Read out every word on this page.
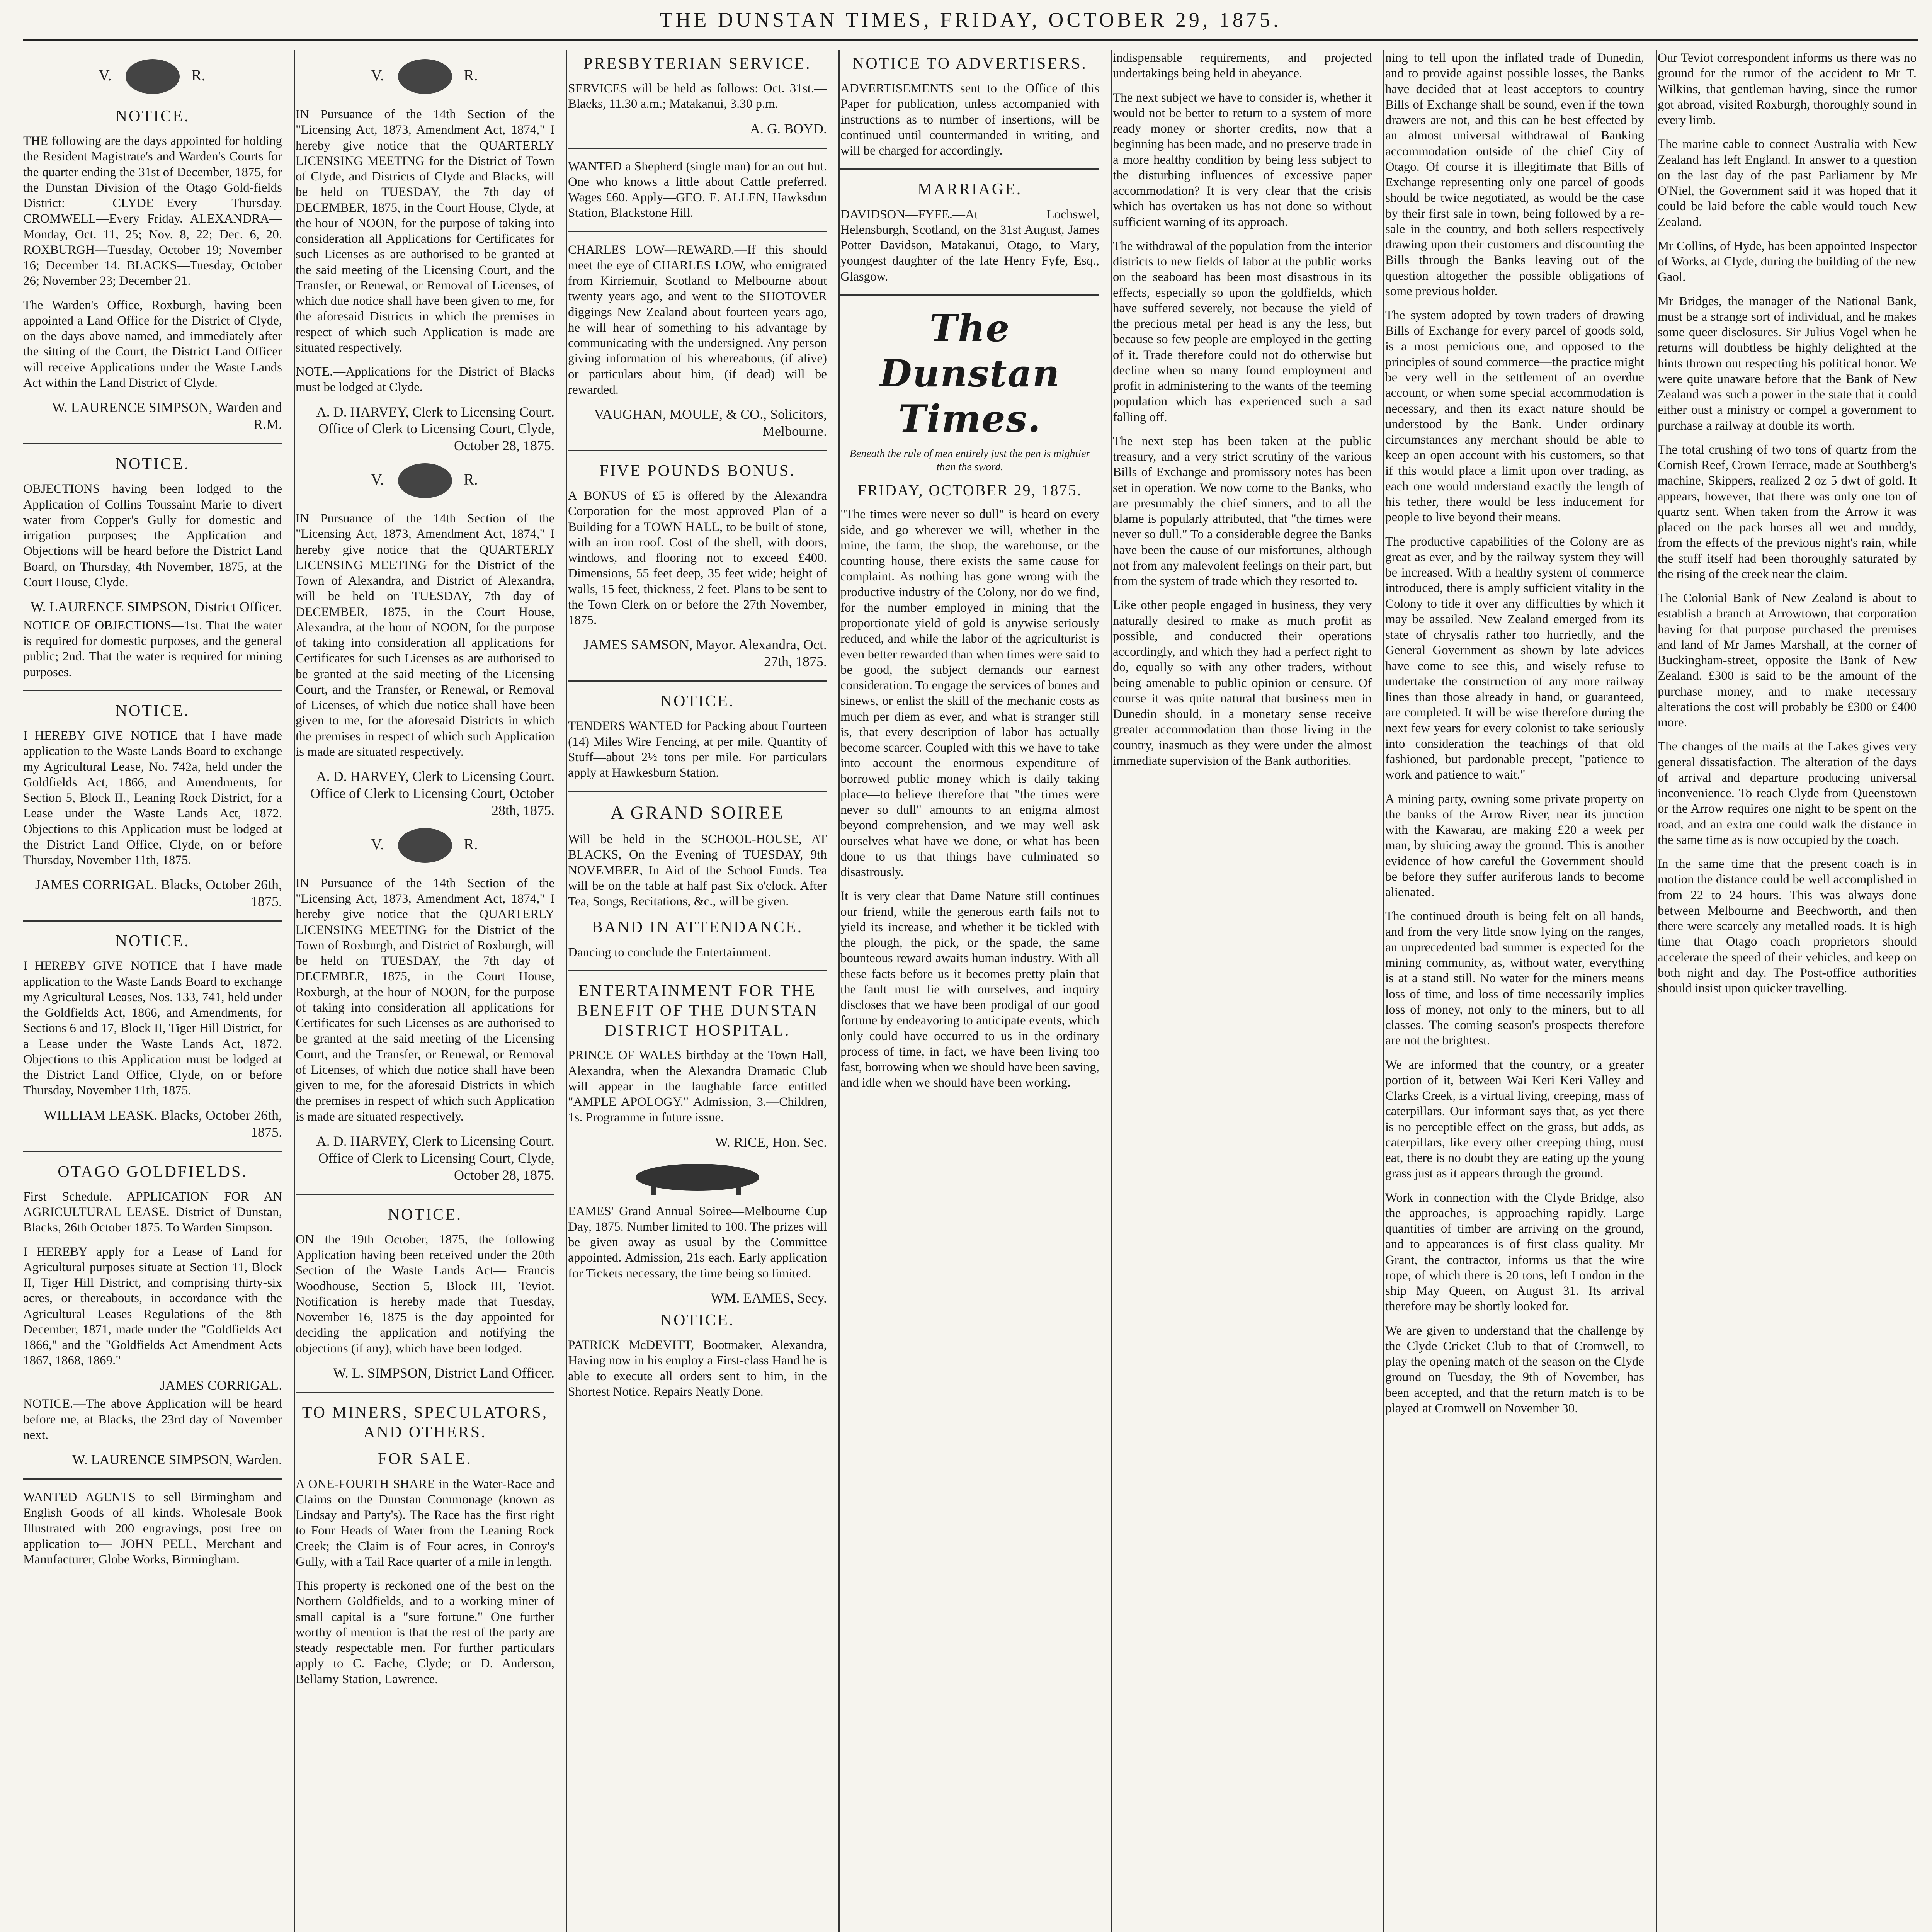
THE DUNSTAN TIMES, FRIDAY, OCTOBER 29, 1875.
V.	R.
NOTICE.

THE following are the days appointed for holding the Resident Magistrate's and Warden's Courts for the quarter ending the 31st of December, 1875, for the Dunstan Division of the Otago Gold-fields District:— CLYDE—Every Thursday. CROMWELL—Every Friday. ALEXANDRA—Monday, Oct. 11, 25; Nov. 8, 22; Dec. 6, 20. ROXBURGH—Tuesday, October 19; November 16; December 14. BLACKS—Tuesday, October 26; November 23; December 21.

The Warden's Office, Roxburgh, having been appointed a Land Office for the District of Clyde, on the days above named, and immediately after the sitting of the Court, the District Land Officer will receive Applications under the Waste Lands Act within the Land District of Clyde.

W. LAURENCE SIMPSON, Warden and R.M.
NOTICE.

OBJECTIONS having been lodged to the Application of Collins Toussaint Marie to divert water from Copper's Gully for domestic and irrigation purposes; the Application and Objections will be heard before the District Land Board, on Thursday, 4th November, 1875, at the Court House, Clyde.

W. LAURENCE SIMPSON, District Officer.

NOTICE OF OBJECTIONS—1st. That the water is required for domestic purposes, and the general public; 2nd. That the water is required for mining purposes.

NOTICE.

I HEREBY GIVE NOTICE that I have made application to the Waste Lands Board to exchange my Agricultural Lease, No. 742a, held under the Goldfields Act, 1866, and Amendments, for Section 5, Block II., Leaning Rock District, for a Lease under the Waste Lands Act, 1872. Objections to this Application must be lodged at the District Land Office, Clyde, on or before Thursday, November 11th, 1875.

JAMES CORRIGAL. Blacks, October 26th, 1875.
NOTICE.

I HEREBY GIVE NOTICE that I have made application to the Waste Lands Board to exchange my Agricultural Leases, Nos. 133, 741, held under the Goldfields Act, 1866, and Amendments, for Sections 6 and 17, Block II, Tiger Hill District, for a Lease under the Waste Lands Act, 1872. Objections to this Application must be lodged at the District Land Office, Clyde, on or before Thursday, November 11th, 1875.

WILLIAM LEASK. Blacks, October 26th, 1875.
OTAGO GOLDFIELDS.

First Schedule. APPLICATION FOR AN AGRICULTURAL LEASE. District of Dunstan, Blacks, 26th October 1875. To Warden Simpson.

I HEREBY apply for a Lease of Land for Agricultural purposes situate at Section 11, Block II, Tiger Hill District, and comprising thirty-six acres, or thereabouts, in accordance with the Agricultural Leases Regulations of the 8th December, 1871, made under the "Goldfields Act 1866," and the "Goldfields Act Amendment Acts 1867, 1868, 1869."

JAMES CORRIGAL.

NOTICE.—The above Application will be heard before me, at Blacks, the 23rd day of November next.

W. LAURENCE SIMPSON, Warden.

WANTED AGENTS to sell Birmingham and English Goods of all kinds. Wholesale Book Illustrated with 200 engravings, post free on application to— JOHN PELL, Merchant and Manufacturer, Globe Works, Birmingham.

V.	R.

IN Pursuance of the 14th Section of the "Licensing Act, 1873, Amendment Act, 1874," I hereby give notice that the QUARTERLY LICENSING MEETING for the District of Town of Clyde, and Districts of Clyde and Blacks, will be held on TUESDAY, the 7th day of DECEMBER, 1875, in the Court House, Clyde, at the hour of NOON, for the purpose of taking into consideration all Applications for Certificates for such Licenses as are authorised to be granted at the said meeting of the Licensing Court, and the Transfer, or Renewal, or Removal of Licenses, of which due notice shall have been given to me, for the aforesaid Districts in which the premises in respect of which such Application is made are situated respectively.

NOTE.—Applications for the District of Blacks must be lodged at Clyde.

A. D. HARVEY, Clerk to Licensing Court. Office of Clerk to Licensing Court, Clyde, October 28, 1875.
V.	R.

IN Pursuance of the 14th Section of the "Licensing Act, 1873, Amendment Act, 1874," I hereby give notice that the QUARTERLY LICENSING MEETING for the District of the Town of Alexandra, and District of Alexandra, will be held on TUESDAY, 7th day of DECEMBER, 1875, in the Court House, Alexandra, at the hour of NOON, for the purpose of taking into consideration all applications for Certificates for such Licenses as are authorised to be granted at the said meeting of the Licensing Court, and the Transfer, or Renewal, or Removal of Licenses, of which due notice shall have been given to me, for the aforesaid Districts in which the premises in respect of which such Application is made are situated respectively.

A. D. HARVEY, Clerk to Licensing Court. Office of Clerk to Licensing Court, October 28th, 1875.
V.	R.

IN Pursuance of the 14th Section of the "Licensing Act, 1873, Amendment Act, 1874," I hereby give notice that the QUARTERLY LICENSING MEETING for the District of the Town of Roxburgh, and District of Roxburgh, will be held on TUESDAY, the 7th day of DECEMBER, 1875, in the Court House, Roxburgh, at the hour of NOON, for the purpose of taking into consideration all applications for Certificates for such Licenses as are authorised to be granted at the said meeting of the Licensing Court, and the Transfer, or Renewal, or Removal of Licenses, of which due notice shall have been given to me, for the aforesaid Districts in which the premises in respect of which such Application is made are situated respectively.

A. D. HARVEY, Clerk to Licensing Court. Office of Clerk to Licensing Court, Clyde, October 28, 1875.
NOTICE.

ON the 19th October, 1875, the following Application having been received under the 20th Section of the Waste Lands Act— Francis Woodhouse, Section 5, Block III, Teviot. Notification is hereby made that Tuesday, November 16, 1875 is the day appointed for deciding the application and notifying the objections (if any), which have been lodged.

W. L. SIMPSON, District Land Officer.
TO MINERS, SPECULATORS, AND OTHERS.
FOR SALE.

A ONE-FOURTH SHARE in the Water-Race and Claims on the Dunstan Commonage (known as Lindsay and Party's). The Race has the first right to Four Heads of Water from the Leaning Rock Creek; the Claim is of Four acres, in Conroy's Gully, with a Tail Race quarter of a mile in length.

This property is reckoned one of the best on the Northern Goldfields, and to a working miner of small capital is a "sure fortune." One further worthy of mention is that the rest of the party are steady respectable men. For further particulars apply to C. Fache, Clyde; or D. Anderson, Bellamy Station, Lawrence.

PRESBYTERIAN SERVICE.

SERVICES will be held as follows: Oct. 31st.—Blacks, 11.30 a.m.; Matakanui, 3.30 p.m.

A. G. BOYD.

WANTED a Shepherd (single man) for an out hut. One who knows a little about Cattle preferred. Wages £60. Apply—GEO. E. ALLEN, Hawksdun Station, Blackstone Hill.

CHARLES LOW—REWARD.—If this should meet the eye of CHARLES LOW, who emigrated from Kirriemuir, Scotland to Melbourne about twenty years ago, and went to the SHOTOVER diggings New Zealand about fourteen years ago, he will hear of something to his advantage by communicating with the undersigned. Any person giving information of his whereabouts, (if alive) or particulars about him, (if dead) will be rewarded.

VAUGHAN, MOULE, & CO., Solicitors, Melbourne.
FIVE POUNDS BONUS.

A BONUS of £5 is offered by the Alexandra Corporation for the most approved Plan of a Building for a TOWN HALL, to be built of stone, with an iron roof. Cost of the shell, with doors, windows, and flooring not to exceed £400. Dimensions, 55 feet deep, 35 feet wide; height of walls, 15 feet, thickness, 2 feet. Plans to be sent to the Town Clerk on or before the 27th November, 1875.

JAMES SAMSON, Mayor. Alexandra, Oct. 27th, 1875.
NOTICE.

TENDERS WANTED for Packing about Fourteen (14) Miles Wire Fencing, at per mile. Quantity of Stuff—about 2½ tons per mile. For particulars apply at Hawkesburn Station.

A GRAND SOIREE

Will be held in the SCHOOL-HOUSE, AT BLACKS, On the Evening of TUESDAY, 9th NOVEMBER, In Aid of the School Funds. Tea will be on the table at half past Six o'clock. After Tea, Songs, Recitations, &c., will be given.

BAND IN ATTENDANCE.

Dancing to conclude the Entertainment.

ENTERTAINMENT FOR THE BENEFIT OF THE DUNSTAN DISTRICT HOSPITAL.

PRINCE OF WALES birthday at the Town Hall, Alexandra, when the Alexandra Dramatic Club will appear in the laughable farce entitled "AMPLE APOLOGY." Admission, 3.—Children, 1s. Programme in future issue.

W. RICE, Hon. Sec.

EAMES' Grand Annual Soiree—Melbourne Cup Day, 1875. Number limited to 100. The prizes will be given away as usual by the Committee appointed. Admission, 21s each. Early application for Tickets necessary, the time being so limited.

WM. EAMES, Secy.
NOTICE.

PATRICK McDEVITT, Bootmaker, Alexandra, Having now in his employ a First-class Hand he is able to execute all orders sent to him, in the Shortest Notice. Repairs Neatly Done.

NOTICE TO ADVERTISERS.

ADVERTISEMENTS sent to the Office of this Paper for publication, unless accompanied with instructions as to number of insertions, will be continued until countermanded in writing, and will be charged for accordingly.

MARRIAGE.

DAVIDSON—FYFE.—At Lochswel, Helensburgh, Scotland, on the 31st August, James Potter Davidson, Matakanui, Otago, to Mary, youngest daughter of the late Henry Fyfe, Esq., Glasgow.

The Dunstan Times.
Beneath the rule of men entirely just the pen is mightier than the sword.
FRIDAY, OCTOBER 29, 1875.

"The times were never so dull" is heard on every side, and go wherever we will, whether in the mine, the farm, the shop, the warehouse, or the counting house, there exists the same cause for complaint. As nothing has gone wrong with the productive industry of the Colony, nor do we find, for the number employed in mining that the proportionate yield of gold is anywise seriously reduced, and while the labor of the agriculturist is even better rewarded than when times were said to be good, the subject demands our earnest consideration. To engage the services of bones and sinews, or enlist the skill of the mechanic costs as much per diem as ever, and what is stranger still is, that every description of labor has actually become scarcer. Coupled with this we have to take into account the enormous expenditure of borrowed public money which is daily taking place—to believe therefore that "the times were never so dull" amounts to an enigma almost beyond comprehension, and we may well ask ourselves what have we done, or what has been done to us that things have culminated so disastrously.

It is very clear that Dame Nature still continues our friend, while the generous earth fails not to yield its increase, and whether it be tickled with the plough, the pick, or the spade, the same bounteous reward awaits human industry. With all these facts before us it becomes pretty plain that the fault must lie with ourselves, and inquiry discloses that we have been prodigal of our good fortune by endeavoring to anticipate events, which only could have occurred to us in the ordinary process of time, in fact, we have been living too fast, borrowing when we should have been saving, and idle when we should have been working.

indispensable requirements, and projected undertakings being held in abeyance.

The next subject we have to consider is, whether it would not be better to return to a system of more ready money or shorter credits, now that a beginning has been made, and no preserve trade in a more healthy condition by being less subject to the disturbing influences of excessive paper accommodation? It is very clear that the crisis which has overtaken us has not done so without sufficient warning of its approach.

The withdrawal of the population from the interior districts to new fields of labor at the public works on the seaboard has been most disastrous in its effects, especially so upon the goldfields, which have suffered severely, not because the yield of the precious metal per head is any the less, but because so few people are employed in the getting of it. Trade therefore could not do otherwise but decline when so many found employment and profit in administering to the wants of the teeming population which has experienced such a sad falling off.

The next step has been taken at the public treasury, and a very strict scrutiny of the various Bills of Exchange and promissory notes has been set in operation. We now come to the Banks, who are presumably the chief sinners, and to all the blame is popularly attributed, that "the times were never so dull." To a considerable degree the Banks have been the cause of our misfortunes, although not from any malevolent feelings on their part, but from the system of trade which they resorted to.

Like other people engaged in business, they very naturally desired to make as much profit as possible, and conducted their operations accordingly, and which they had a perfect right to do, equally so with any other traders, without being amenable to public opinion or censure. Of course it was quite natural that business men in Dunedin should, in a monetary sense receive greater accommodation than those living in the country, inasmuch as they were under the almost immediate supervision of the Bank authorities.

ning to tell upon the inflated trade of Dunedin, and to provide against possible losses, the Banks have decided that at least acceptors to country Bills of Exchange shall be sound, even if the town drawers are not, and this can be best effected by an almost universal withdrawal of Banking accommodation outside of the chief City of Otago. Of course it is illegitimate that Bills of Exchange representing only one parcel of goods should be twice negotiated, as would be the case by their first sale in town, being followed by a re-sale in the country, and both sellers respectively drawing upon their customers and discounting the Bills through the Banks leaving out of the question altogether the possible obligations of some previous holder.

The system adopted by town traders of drawing Bills of Exchange for every parcel of goods sold, is a most pernicious one, and opposed to the principles of sound commerce—the practice might be very well in the settlement of an overdue account, or when some special accommodation is necessary, and then its exact nature should be understood by the Bank. Under ordinary circumstances any merchant should be able to keep an open account with his customers, so that if this would place a limit upon over trading, as each one would understand exactly the length of his tether, there would be less inducement for people to live beyond their means.

The productive capabilities of the Colony are as great as ever, and by the railway system they will be increased. With a healthy system of commerce introduced, there is amply sufficient vitality in the Colony to tide it over any difficulties by which it may be assailed. New Zealand emerged from its state of chrysalis rather too hurriedly, and the General Government as shown by late advices have come to see this, and wisely refuse to undertake the construction of any more railway lines than those already in hand, or guaranteed, are completed. It will be wise therefore during the next few years for every colonist to take seriously into consideration the teachings of that old fashioned, but pardonable precept, "patience to work and patience to wait."

A mining party, owning some private property on the banks of the Arrow River, near its junction with the Kawarau, are making £20 a week per man, by sluicing away the ground. This is another evidence of how careful the Government should be before they suffer auriferous lands to become alienated.

The continued drouth is being felt on all hands, and from the very little snow lying on the ranges, an unprecedented bad summer is expected for the mining community, as, without water, everything is at a stand still. No water for the miners means loss of time, and loss of time necessarily implies loss of money, not only to the miners, but to all classes. The coming season's prospects therefore are not the brightest.

We are informed that the country, or a greater portion of it, between Wai Keri Keri Valley and Clarks Creek, is a virtual living, creeping, mass of caterpillars. Our informant says that, as yet there is no perceptible effect on the grass, but adds, as caterpillars, like every other creeping thing, must eat, there is no doubt they are eating up the young grass just as it appears through the ground.

Work in connection with the Clyde Bridge, also the approaches, is approaching rapidly. Large quantities of timber are arriving on the ground, and to appearances is of first class quality. Mr Grant, the contractor, informs us that the wire rope, of which there is 20 tons, left London in the ship May Queen, on August 31. Its arrival therefore may be shortly looked for.

We are given to understand that the challenge by the Clyde Cricket Club to that of Cromwell, to play the opening match of the season on the Clyde ground on Tuesday, the 9th of November, has been accepted, and that the return match is to be played at Cromwell on November 30.

Our Teviot correspondent informs us there was no ground for the rumor of the accident to Mr T. Wilkins, that gentleman having, since the rumor got abroad, visited Roxburgh, thoroughly sound in every limb.

The marine cable to connect Australia with New Zealand has left England. In answer to a question on the last day of the past Parliament by Mr O'Niel, the Government said it was hoped that it could be laid before the cable would touch New Zealand.

Mr Collins, of Hyde, has been appointed Inspector of Works, at Clyde, during the building of the new Gaol.

Mr Bridges, the manager of the National Bank, must be a strange sort of individual, and he makes some queer disclosures. Sir Julius Vogel when he returns will doubtless be highly delighted at the hints thrown out respecting his political honor. We were quite unaware before that the Bank of New Zealand was such a power in the state that it could either oust a ministry or compel a government to purchase a railway at double its worth.

The total crushing of two tons of quartz from the Cornish Reef, Crown Terrace, made at Southberg's machine, Skippers, realized 2 oz 5 dwt of gold. It appears, however, that there was only one ton of quartz sent. When taken from the Arrow it was placed on the pack horses all wet and muddy, from the effects of the previous night's rain, while the stuff itself had been thoroughly saturated by the rising of the creek near the claim.

The Colonial Bank of New Zealand is about to establish a branch at Arrowtown, that corporation having for that purpose purchased the premises and land of Mr James Marshall, at the corner of Buckingham-street, opposite the Bank of New Zealand. £300 is said to be the amount of the purchase money, and to make necessary alterations the cost will probably be £300 or £400 more.

The changes of the mails at the Lakes gives very general dissatisfaction. The alteration of the days of arrival and departure producing universal inconvenience. To reach Clyde from Queenstown or the Arrow requires one night to be spent on the road, and an extra one could walk the distance in the same time as is now occupied by the coach.

In the same time that the present coach is in motion the distance could be well accomplished in from 22 to 24 hours. This was always done between Melbourne and Beechworth, and then there were scarcely any metalled roads. It is high time that Otago coach proprietors should accelerate the speed of their vehicles, and keep on both night and day. The Post-office authorities should insist upon quicker travelling.
